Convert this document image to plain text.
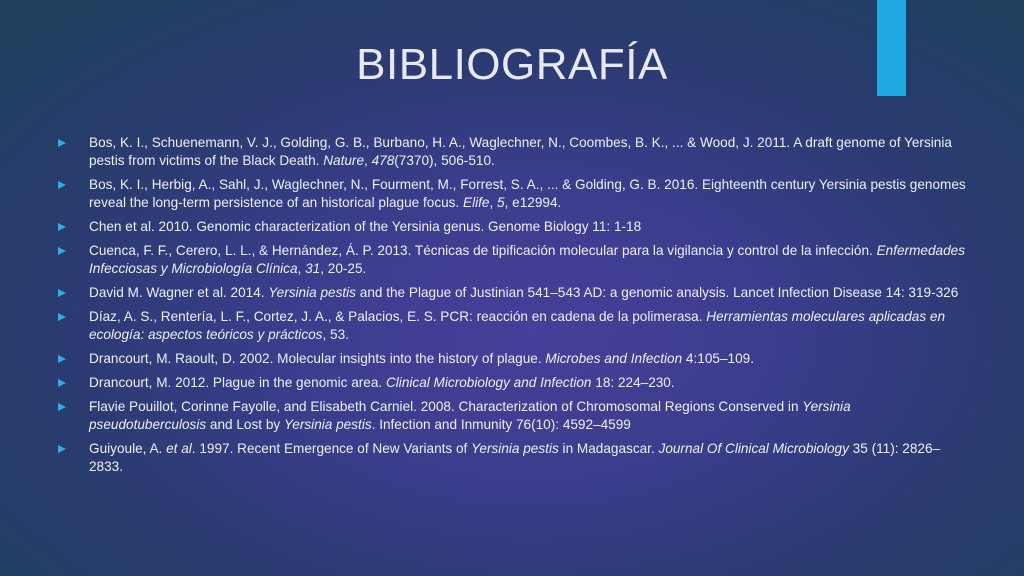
BIBLIOGRAFÍA
Bos, K. I., Schuenemann, V. J., Golding, G. B., Burbano, H. A., Waglechner, N., Coombes, B. K., ... & Wood, J. 2011. A draft genome of Yersinia pestis from victims of the Black Death. Nature, 478(7370), 506-510.
Bos, K. I., Herbig, A., Sahl, J., Waglechner, N., Fourment, M., Forrest, S. A., ... & Golding, G. B. 2016. Eighteenth century Yersinia pestis genomes reveal the long-term persistence of an historical plague focus. Elife, 5, e12994.
Chen et al. 2010. Genomic characterization of the Yersinia genus. Genome Biology 11: 1-18
Cuenca, F. F., Cerero, L. L., & Hernández, Á. P. 2013. Técnicas de tipificación molecular para la vigilancia y control de la infección. Enfermedades Infecciosas y Microbiología Clínica, 31, 20-25.
David M. Wagner et al. 2014. Yersinia pestis and the Plague of Justinian 541–543 AD: a genomic analysis. Lancet Infection Disease 14: 319-326
Díaz, A. S., Rentería, L. F., Cortez, J. A., & Palacios, E. S. PCR: reacción en cadena de la polimerasa. Herramientas moleculares aplicadas en ecología: aspectos teóricos y prácticos, 53.
Drancourt, M. Raoult, D. 2002. Molecular insights into the history of plague. Microbes and Infection 4:105–109.
Drancourt, M. 2012. Plague in the genomic area. Clinical Microbiology and Infection 18: 224–230.
Flavie Pouillot, Corinne Fayolle, and Elisabeth Carniel. 2008. Characterization of Chromosomal Regions Conserved in Yersinia pseudotuberculosis and Lost by Yersinia pestis. Infection and Inmunity 76(10): 4592–4599
Guiyoule, A. et al. 1997. Recent Emergence of New Variants of Yersinia pestis in Madagascar. Journal Of Clinical Microbiology 35 (11): 2826–2833.
